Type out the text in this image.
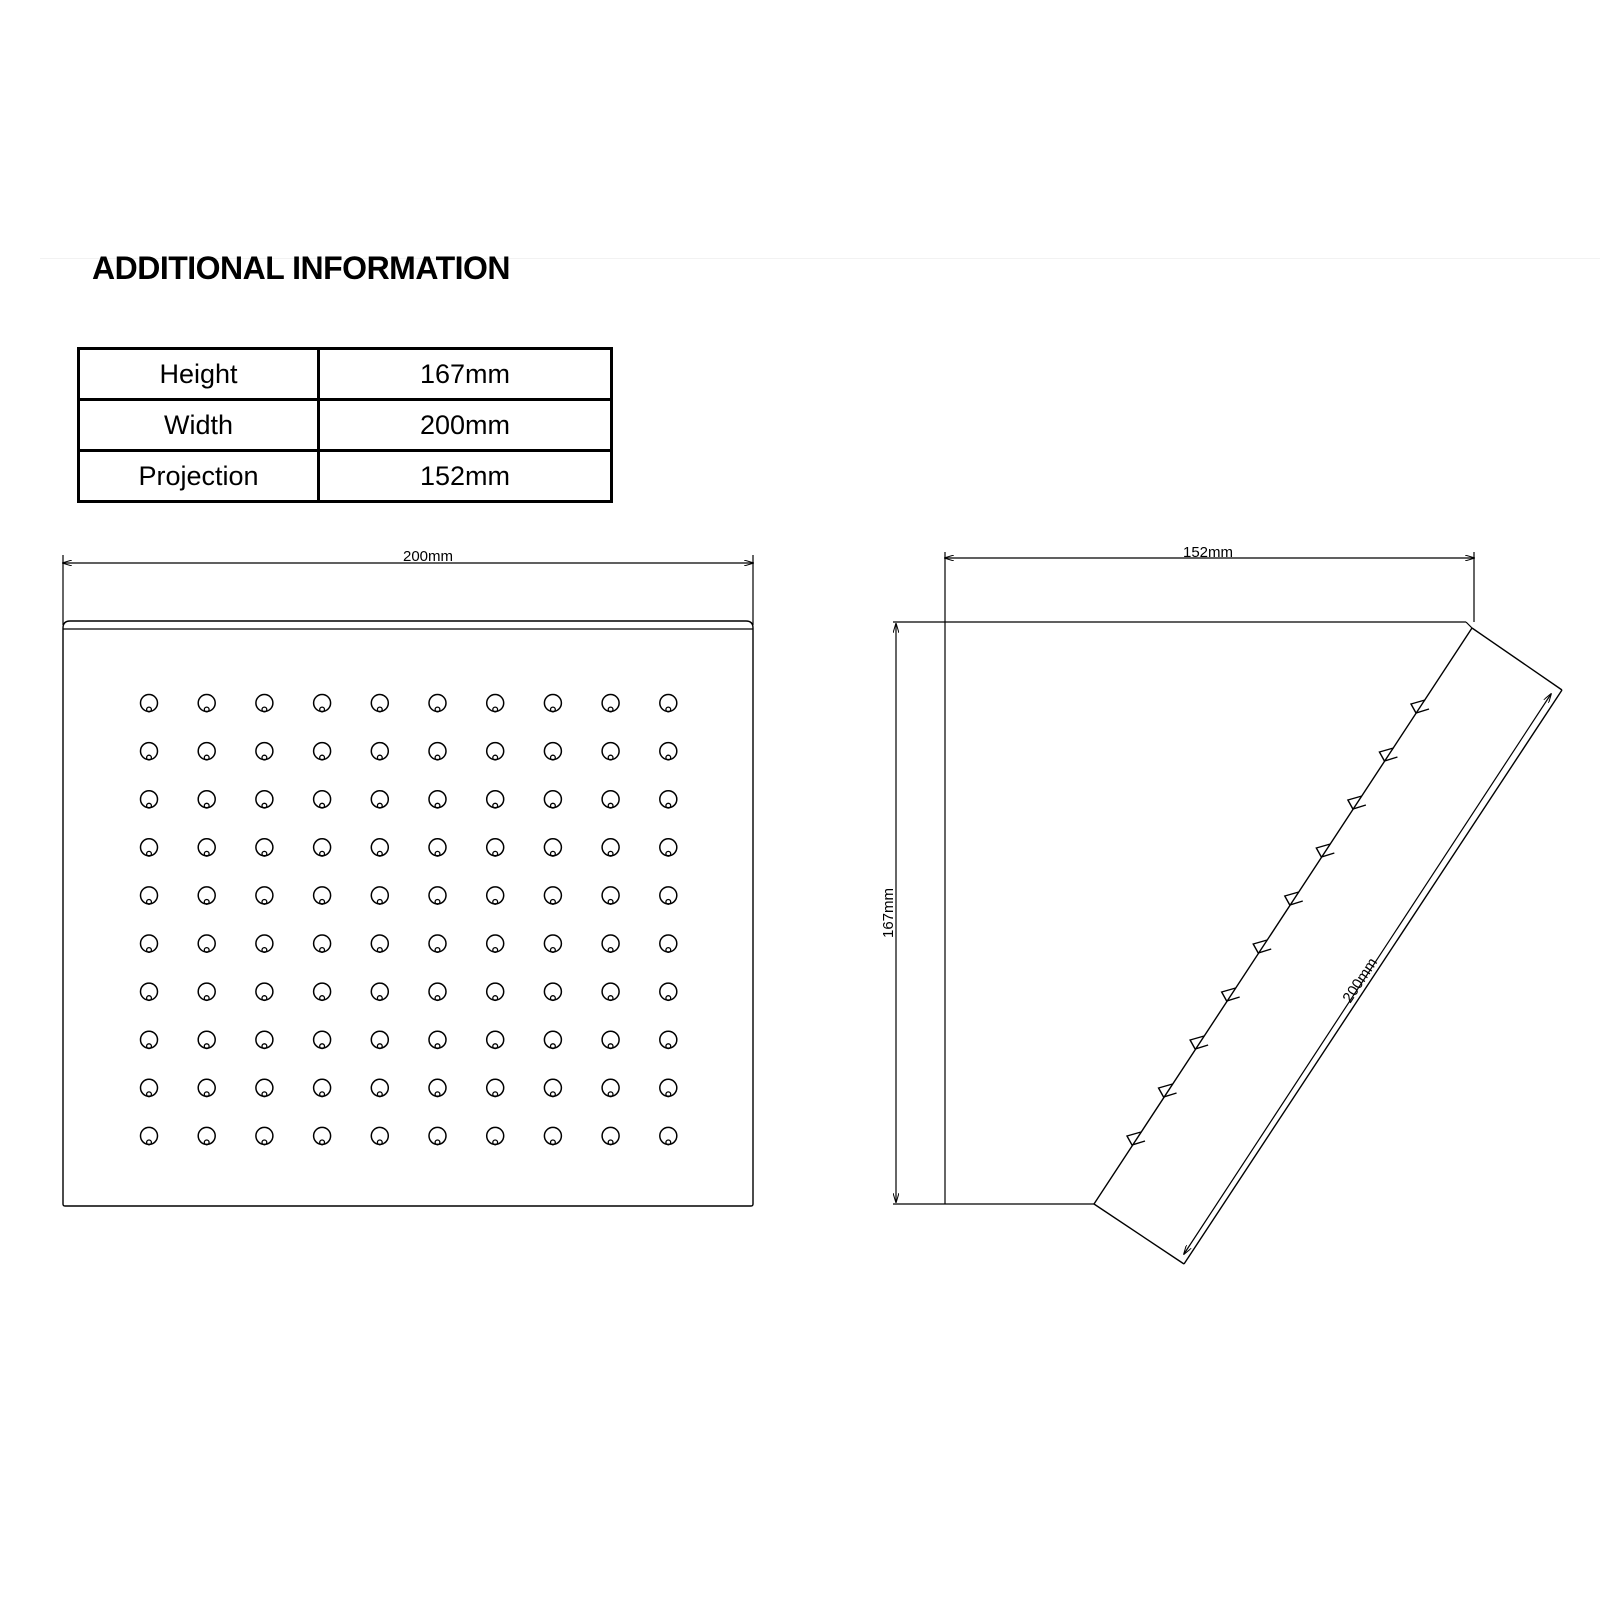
ADDITIONAL INFORMATION
Height	167mm
Width	200mm
Projection	152mm
200mm	152mm
167mm
200mm
